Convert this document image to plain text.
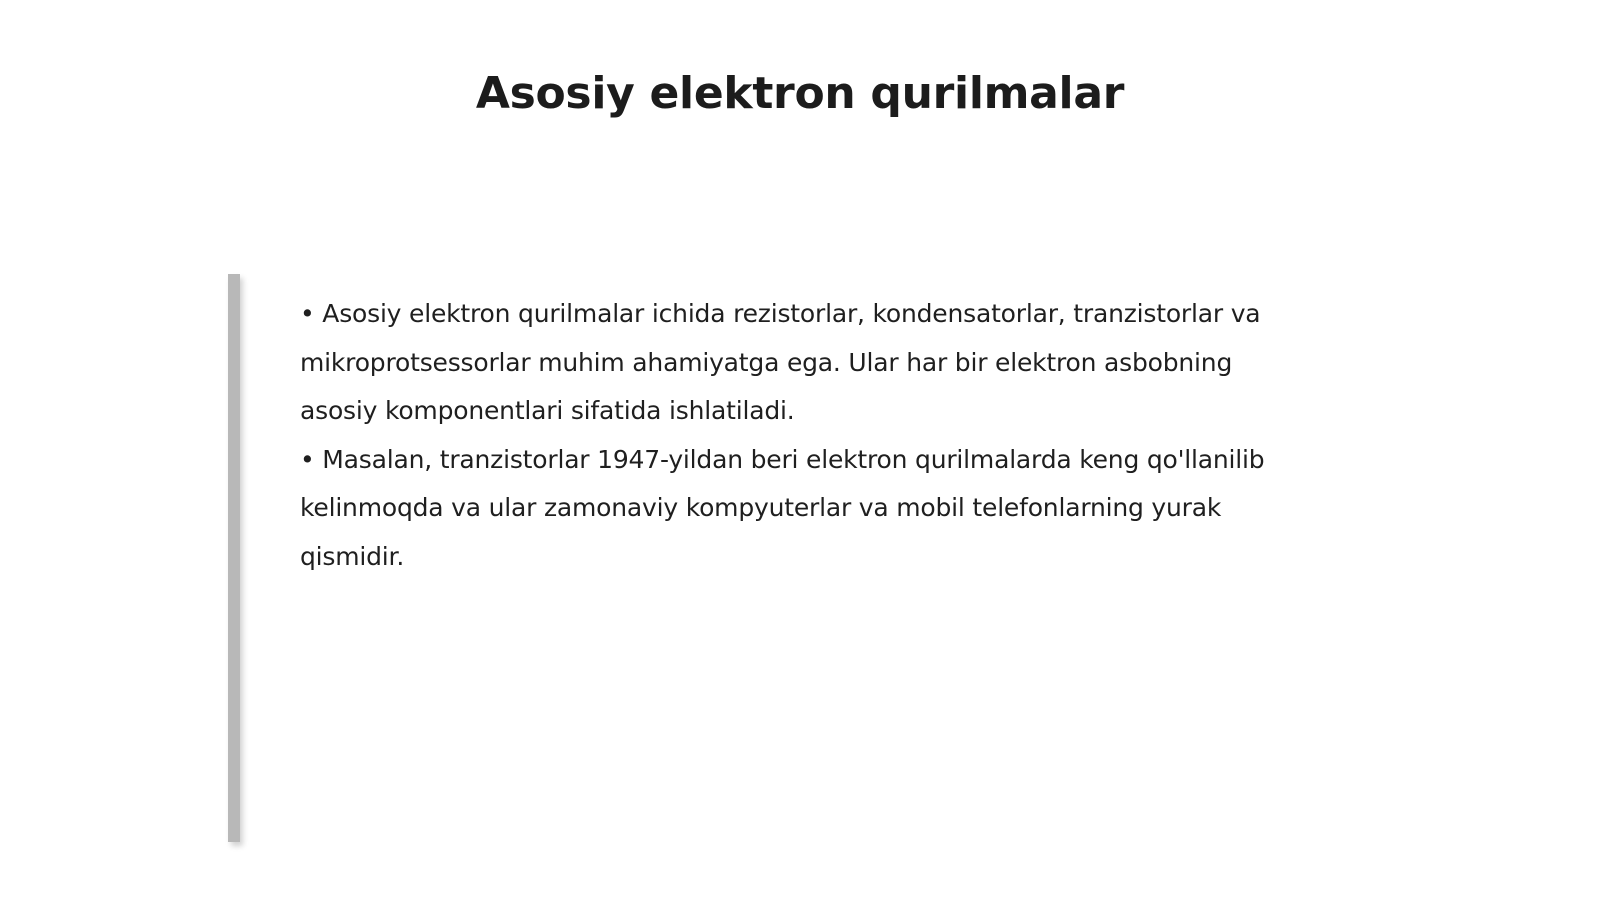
Asosiy elektron qurilmalar

• Asosiy elektron qurilmalar ichida rezistorlar, kondensatorlar, tranzistorlar va mikroprotsessorlar muhim ahamiyatga ega. Ular har bir elektron asbobning asosiy komponentlari sifatida ishlatiladi.

• Masalan, tranzistorlar 1947-yildan beri elektron qurilmalarda keng qo'llanilib kelinmoqda va ular zamonaviy kompyuterlar va mobil telefonlarning yurak qismidir.
